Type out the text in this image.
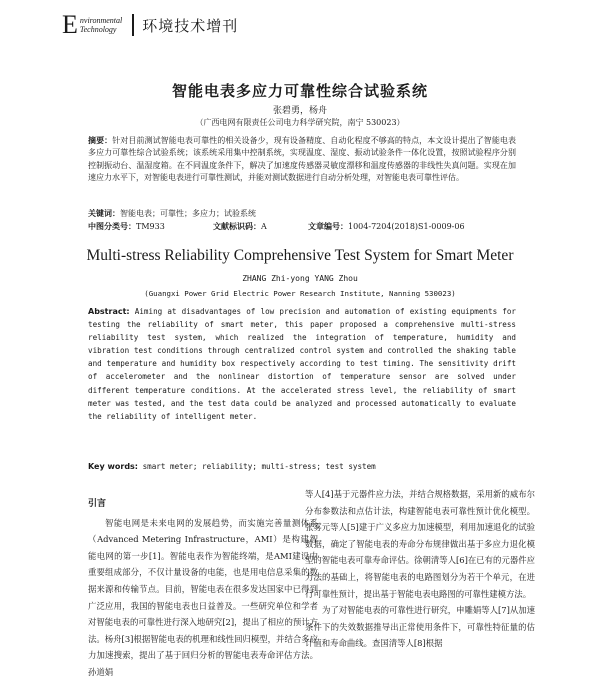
E nvironmental
Technology	环境技术增刊
智能电表多应力可靠性综合试验系统
张碧勇，杨舟
（广西电网有限责任公司电力科学研究院，南宁 530023）
摘要：针对目前测试智能电表可靠性的相关设备少，现有设备精度、自动化程度不够高的特点，本文设计提出了智能电表多应力可靠性综合试验系统；该系统采用集中控制系统，实现温度、湿度、振动试验条件一体化设置，按照试验程序分别控制振动台、温湿度箱。在不同温度条件下，解决了加速度传感器灵敏度漂移和温度传感器的非线性失真问题。实现在加速应力水平下，对智能电表进行可靠性测试，并能对测试数据进行自动分析处理，对智能电表可靠性评估。
关键词：智能电表；可靠性；多应力；试验系统
中图分类号：TM933	文献标识码：A	文章编号：1004-7204(2018)S1-0009-06
Multi-stress Reliability Comprehensive Test System for Smart Meter
ZHANG Zhi-yong YANG Zhou
(Guangxi Power Grid Electric Power Research Institute, Nanning 530023)
Abstract: Aiming at disadvantages of low precision and automation of existing equipments for testing the reliability of smart meter, this paper proposed a comprehensive multi-stress reliability test system, which realized the integration of temperature, humidity and vibration test conditions through centralized control system and controlled the shaking table and temperature and humidity box respectively according to test timing. The sensitivity drift of accelerometer and the nonlinear distortion of temperature sensor are solved under different temperature conditions. At the accelerated stress level, the reliability of smart meter was tested, and the test data could be analyzed and processed automatically to evaluate the reliability of intelligent meter.
Key words: smart meter; reliability; multi-stress; test system
引言

智能电网是未来电网的发展趋势，而实施完善量测体系（Advanced Metering Infrastructure，AMI）是构建智能电网的第一步[1]。智能电表作为智能终端，是AMI建设中重要组成部分，不仅计量设备的电能，也是用电信息采集的数据来源和传输节点。目前，智能电表在很多发达国家中已得到广泛应用，我国的智能电表也日益普及。一些研究单位和学者对智能电表的可靠性进行深入地研究[2]，提出了相应的预计方法。杨舟[3]根据智能电表的机理和线性回归模型，并结合多应力加速搜索，提出了基于回归分析的智能电表寿命评估方法。孙道娟

等人[4]基于元器件应力法，并结合规格数据，采用新的威布尔分布参数法和点估计法，构建智能电表可靠性预计优化模型。张雾元等人[5]建于广义多应力加速模型，利用加速退化的试验数据，确定了智能电表的寿命分布规律做出基于多应力退化模型的智能电表可靠寿命评估。徐朝清等人[6]在已有的元器件应力法的基础上，将智能电表的电路图划分为若干个单元，在进行可靠性预计，提出基于智能电表电路图的可靠性建模方法。

为了对智能电表的可靠性进行研究，申雕娟等人[7]从加速条件下的失效数据推导出正常使用条件下，可靠性特征量的估计值和寿命曲线。查国清等人[8]根据
